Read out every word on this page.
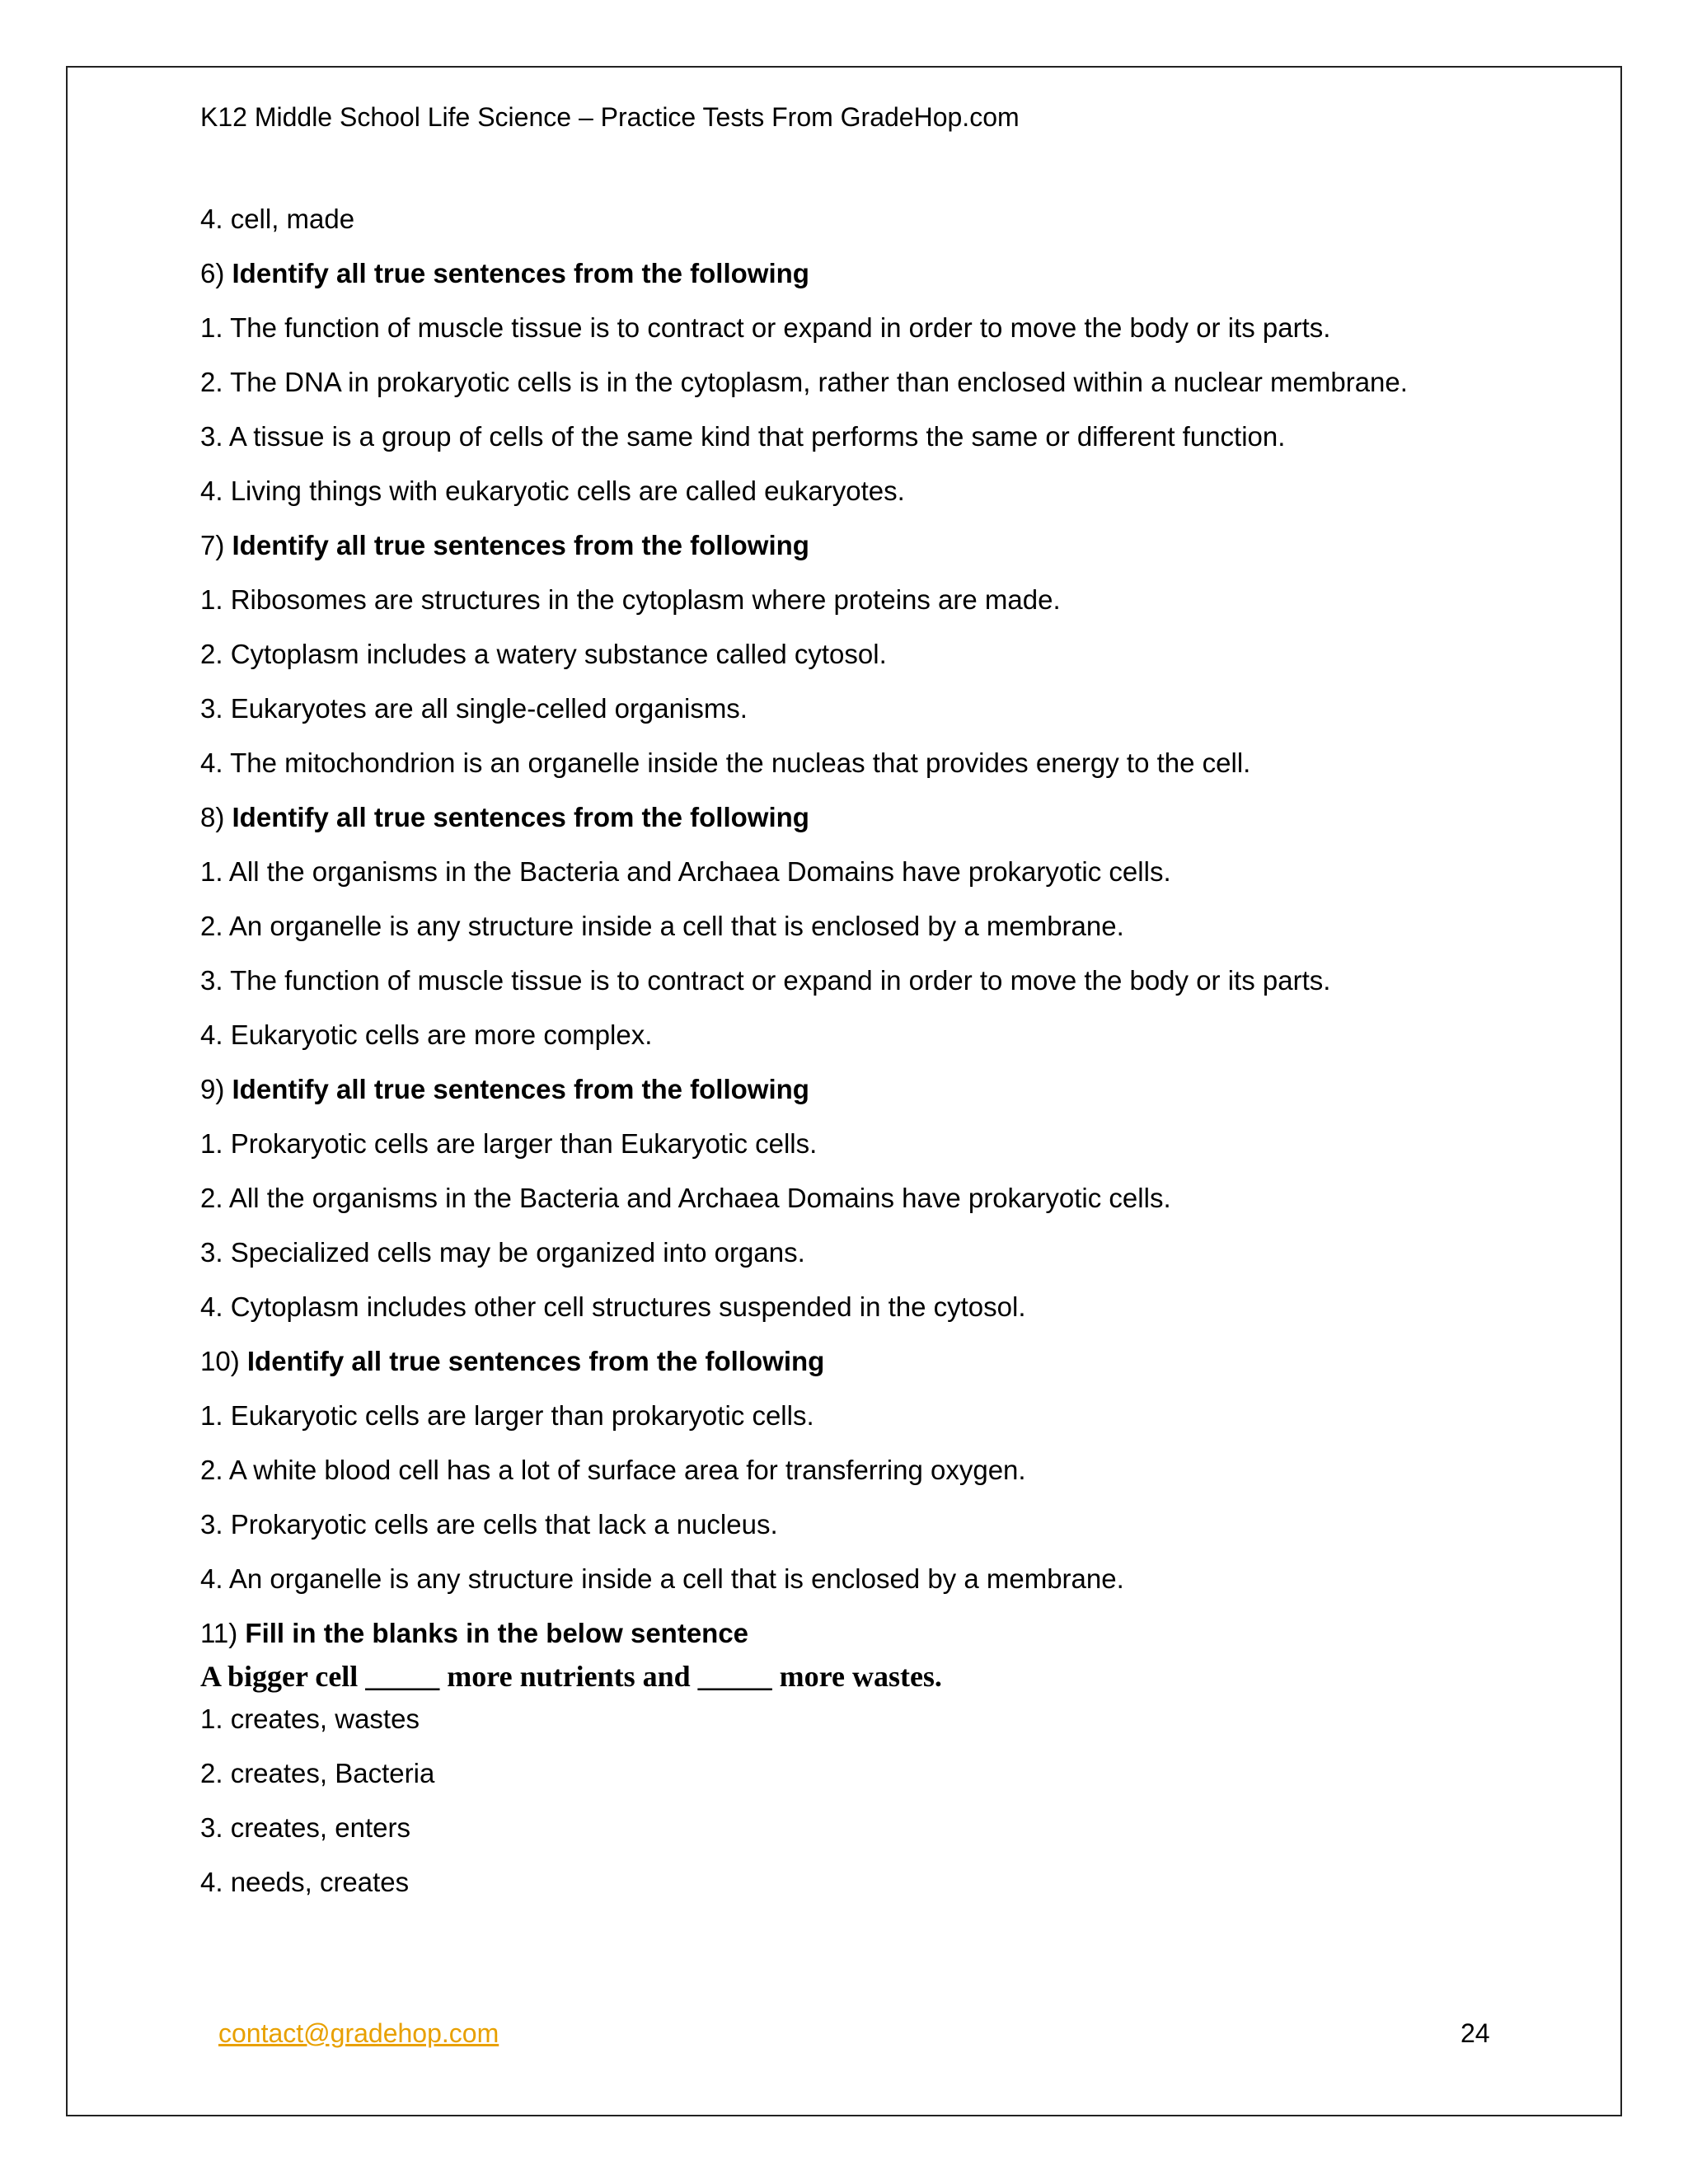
K12 Middle School Life Science – Practice Tests From GradeHop.com
4. cell, made
6) Identify all true sentences from the following
1. The function of muscle tissue is to contract or expand in order to move the body or its parts.
2. The DNA in prokaryotic cells is in the cytoplasm, rather than enclosed within a nuclear membrane.
3. A tissue is a group of cells of the same kind that performs the same or different function.
4. Living things with eukaryotic cells are called eukaryotes.
7) Identify all true sentences from the following
1. Ribosomes are structures in the cytoplasm where proteins are made.
2. Cytoplasm includes a watery substance called cytosol.
3. Eukaryotes are all single-celled organisms.
4. The mitochondrion is an organelle inside the nucleas that provides energy to the cell.
8) Identify all true sentences from the following
1. All the organisms in the Bacteria and Archaea Domains have prokaryotic cells.
2. An organelle is any structure inside a cell that is enclosed by a membrane.
3. The function of muscle tissue is to contract or expand in order to move the body or its parts.
4. Eukaryotic cells are more complex.
9) Identify all true sentences from the following
1. Prokaryotic cells are larger than Eukaryotic cells.
2. All the organisms in the Bacteria and Archaea Domains have prokaryotic cells.
3. Specialized cells may be organized into organs.
4. Cytoplasm includes other cell structures suspended in the cytosol.
10) Identify all true sentences from the following
1. Eukaryotic cells are larger than prokaryotic cells.
2. A white blood cell has a lot of surface area for transferring oxygen.
3. Prokaryotic cells are cells that lack a nucleus.
4. An organelle is any structure inside a cell that is enclosed by a membrane.
11) Fill in the blanks in the below sentence
A bigger cell _____ more nutrients and _____ more wastes.
1. creates, wastes
2. creates, Bacteria
3. creates, enters
4. needs, creates
contact@gradehop.com	24
